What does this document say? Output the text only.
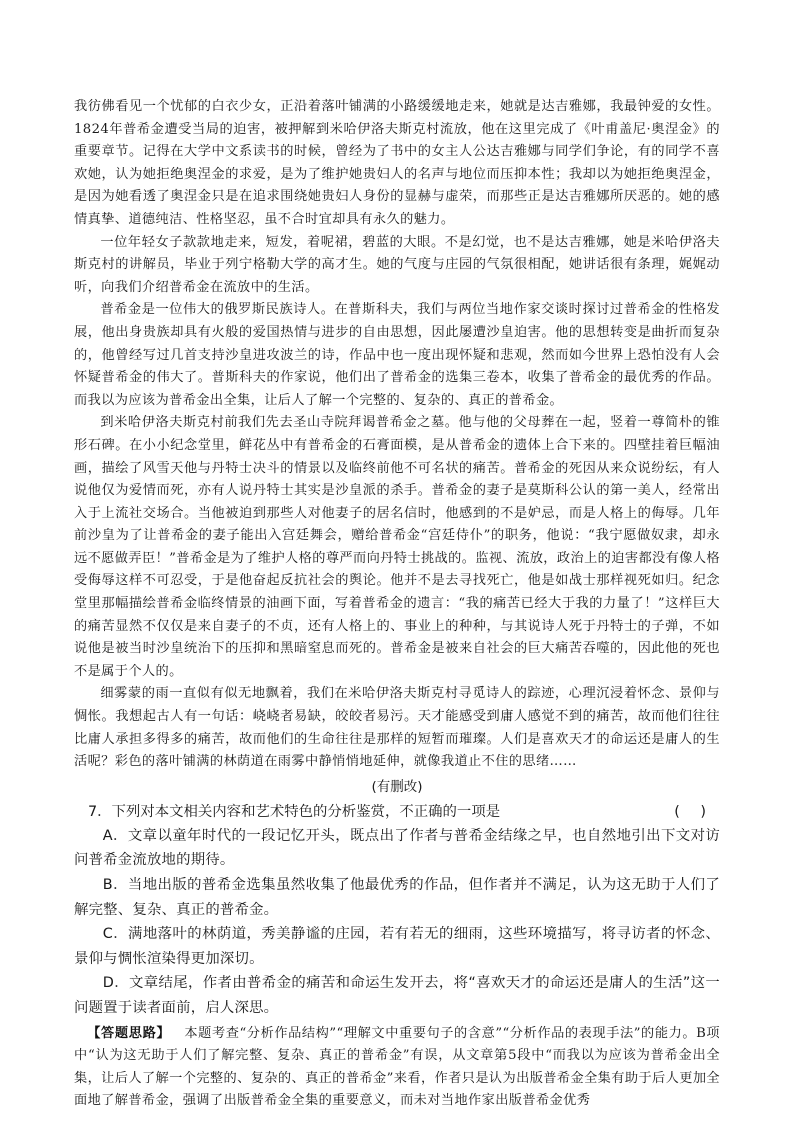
我彷佛看见一个忧郁的白衣少女，正沿着落叶铺满的小路缓缓地走来，她就是达吉雅娜，我最钟爱的女性。1824年普希金遭受当局的迫害，被押解到米哈伊洛夫斯克村流放，他在这里完成了《叶甫盖尼·奥涅金》的重要章节。记得在大学中文系读书的时候，曾经为了书中的女主人公达吉雅娜与同学们争论，有的同学不喜欢她，认为她拒绝奥涅金的求爱，是为了维护她贵妇人的名声与地位而压抑本性；我却以为她拒绝奥涅金，是因为她看透了奥涅金只是在追求围绕她贵妇人身份的显赫与虚荣，而那些正是达吉雅娜所厌恶的。她的感情真挚、道德纯洁、性格坚忍，虽不合时宜却具有永久的魅力。

一位年轻女子款款地走来，短发，着呢裙，碧蓝的大眼。不是幻觉，也不是达吉雅娜，她是米哈伊洛夫斯克村的讲解员，毕业于列宁格勒大学的高才生。她的气度与庄园的气氛很相配，她讲话很有条理，娓娓动听，向我们介绍普希金在流放中的生活。

普希金是一位伟大的俄罗斯民族诗人。在普斯科夫，我们与两位当地作家交谈时探讨过普希金的性格发展，他出身贵族却具有火般的爱国热情与进步的自由思想，因此屡遭沙皇迫害。他的思想转变是曲折而复杂的，他曾经写过几首支持沙皇进攻波兰的诗，作品中也一度出现怀疑和悲观，然而如今世界上恐怕没有人会怀疑普希金的伟大了。普斯科夫的作家说，他们出了普希金的选集三卷本，收集了普希金的最优秀的作品。而我以为应该为普希金出全集，让后人了解一个完整的、复杂的、真正的普希金。

到米哈伊洛夫斯克村前我们先去圣山寺院拜谒普希金之墓。他与他的父母葬在一起，竖着一尊简朴的锥形石碑。在小小纪念堂里，鲜花丛中有普希金的石膏面模，是从普希金的遗体上合下来的。四壁挂着巨幅油画，描绘了风雪天他与丹特士决斗的情景以及临终前他不可名状的痛苦。普希金的死因从来众说纷纭，有人说他仅为爱情而死，亦有人说丹特士其实是沙皇派的杀手。普希金的妻子是莫斯科公认的第一美人，经常出入于上流社交场合。当他被迫到那些人对他妻子的居名信时，他感到的不是妒忌，而是人格上的侮辱。几年前沙皇为了让普希金的妻子能出入宫廷舞会，赠给普希金“宫廷侍仆”的职务，他说：“我宁愿做奴隶，却永远不愿做弄臣！”普希金是为了维护人格的尊严而向丹特士挑战的。监视、流放，政治上的迫害都没有像人格受侮辱这样不可忍受，于是他奋起反抗社会的舆论。他并不是去寻找死亡，他是如战士那样视死如归。纪念堂里那幅描绘普希金临终情景的油画下面，写着普希金的遗言：“我的痛苦已经大于我的力量了！”这样巨大的痛苦显然不仅仅是来自妻子的不贞，还有人格上的、事业上的种种，与其说诗人死于丹特士的子弹，不如说他是被当时沙皇统治下的压抑和黑暗窒息而死的。普希金是被来自社会的巨大痛苦吞噬的，因此他的死也不是属于个人的。

细雾蒙的雨一直似有似无地飘着，我们在米哈伊洛夫斯克村寻觅诗人的踪迹，心理沉浸着怀念、景仰与惆怅。我想起古人有一句话：峣峣者易缺，皎皎者易污。天才能感受到庸人感觉不到的痛苦，故而他们往往比庸人承担多得多的痛苦，故而他们的生命往往是那样的短暂而璀璨。人们是喜欢天才的命运还是庸人的生活呢？彩色的落叶铺满的林荫道在雨雾中静悄悄地延伸，就像我道止不住的思绪……

(有删改)

7．下列对本文相关内容和艺术特色的分析鉴赏，不正确的一项是	( )

A．文章以童年时代的一段记忆开头，既点出了作者与普希金结缘之早，也自然地引出下文对访问普希金流放地的期待。

B．当地出版的普希金选集虽然收集了他最优秀的作品，但作者并不满足，认为这无助于人们了解完整、复杂、真正的普希金。

C．满地落叶的林荫道，秀美静谧的庄园，若有若无的细雨，这些环境描写，将寻访者的怀念、景仰与惆怅渲染得更加深切。

D．文章结尾，作者由普希金的痛苦和命运生发开去，将“喜欢天才的命运还是庸人的生活”这一问题置于读者面前，启人深思。

【答题思路】 本题考查“分析作品结构”“理解文中重要句子的含意”“分析作品的表现手法”的能力。B项中“认为这无助于人们了解完整、复杂、真正的普希金”有误，从文章第5段中“而我以为应该为普希金出全集，让后人了解一个完整的、复杂的、真正的普希金”来看，作者只是认为出版普希金全集有助于后人更加全面地了解普希金，强调了出版普希金全集的重要意义，而未对当地作家出版普希金优秀
